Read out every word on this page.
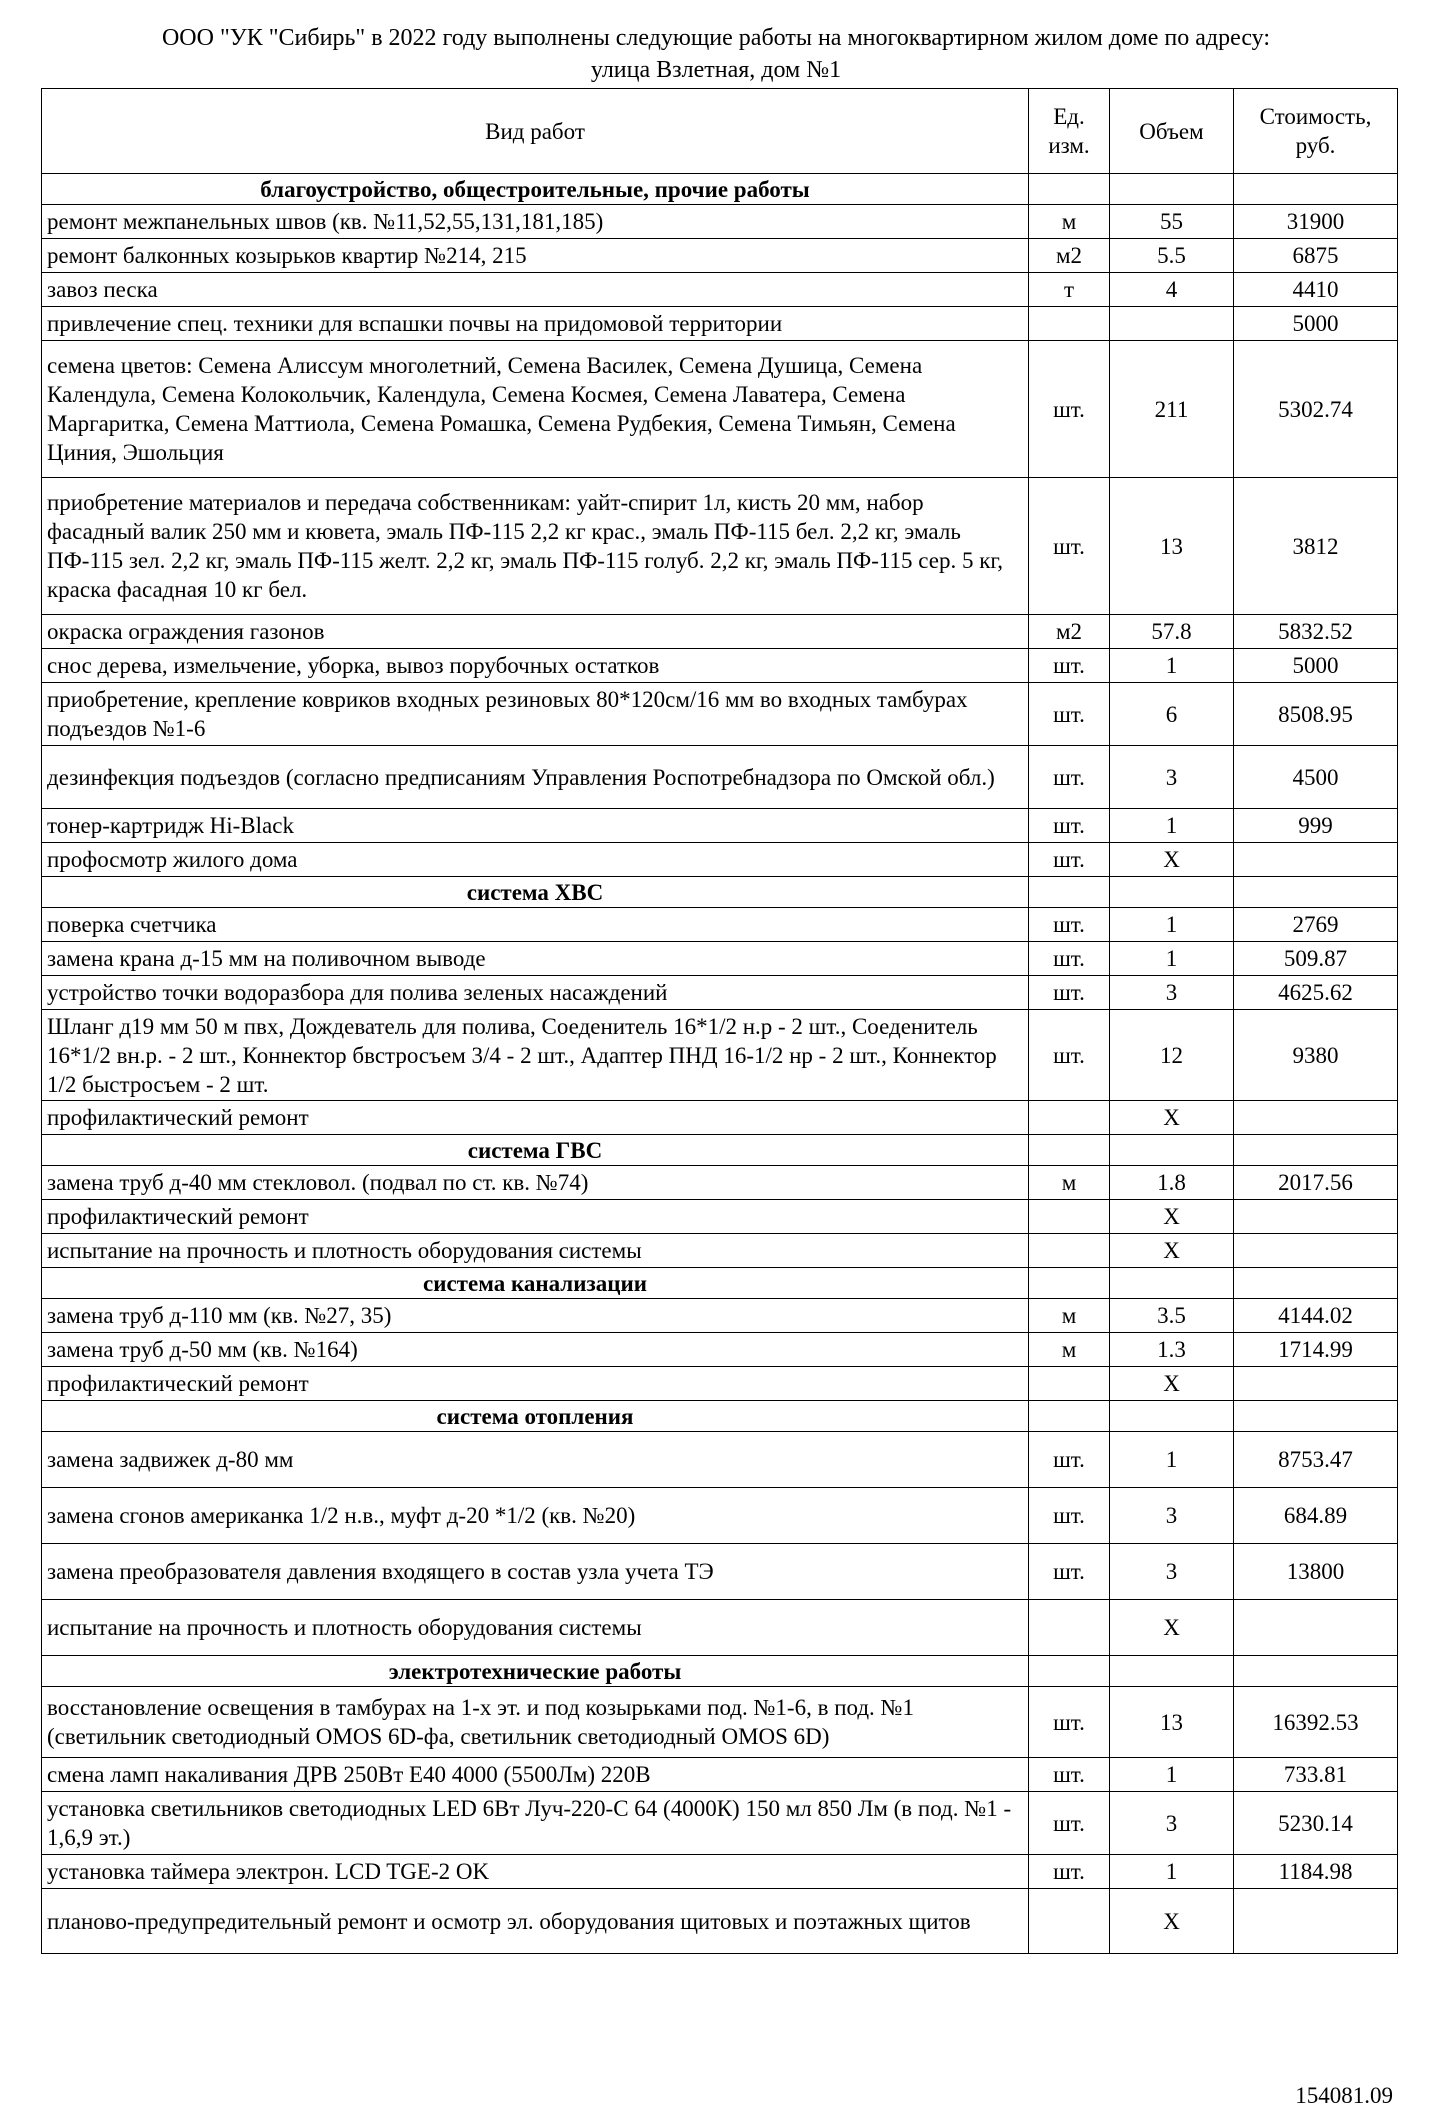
ООО "УК "Сибирь" в 2022 году выполнены следующие работы на многоквартирном жилом доме по адресу:
улица Взлетная, дом №1
Вид работ	Ед. изм.	Объем	Стоимость, руб.
благоустройство, общестроительные, прочие работы			
ремонт межпанельных швов (кв. №11,52,55,131,181,185)	м	55	31900
ремонт балконных козырьков квартир №214, 215	м2	5.5	6875
завоз песка	т	4	4410
привлечение спец. техники для вспашки почвы на придомовой территории			5000
семена цветов: Семена Алиссум многолетний, Семена Василек, Семена Душица, Семена Календула, Семена Колокольчик, Календула, Семена Космея, Семена Лаватера, Семена Маргаритка, Семена Маттиола, Семена Ромашка, Семена Рудбекия, Семена Тимьян, Семена Циния, Эшольция	шт.	211	5302.74
приобретение материалов и передача собственникам: уайт-спирит 1л, кисть 20 мм, набор фасадный валик 250 мм и кювета, эмаль ПФ-115 2,2 кг крас., эмаль ПФ-115 бел. 2,2 кг, эмаль ПФ-115 зел. 2,2 кг, эмаль ПФ-115 желт. 2,2 кг, эмаль ПФ-115 голуб. 2,2 кг, эмаль ПФ-115 сер. 5 кг, краска фасадная 10 кг бел.	шт.	13	3812
окраска ограждения газонов	м2	57.8	5832.52
снос дерева, измельчение, уборка, вывоз порубочных остатков	шт.	1	5000
приобретение, крепление ковриков входных резиновых 80*120см/16 мм во входных тамбурах подъездов №1-6	шт.	6	8508.95
дезинфекция подъездов (согласно предписаниям Управления Роспотребнадзора по Омской обл.)	шт.	3	4500
тонер-картридж Hi-Black	шт.	1	999
профосмотр жилого дома	шт.	Х	
система ХВС			
поверка счетчика	шт.	1	2769
замена крана д-15 мм на поливочном выводе	шт.	1	509.87
устройство точки водоразбора для полива зеленых насаждений	шт.	3	4625.62
Шланг д19 мм 50 м пвх, Дождеватель для полива, Соеденитель 16*1/2 н.р - 2 шт., Соеденитель 16*1/2 вн.р. - 2 шт., Коннектор бвстросъем 3/4 - 2 шт., Адаптер ПНД 16-1/2 нр - 2 шт., Коннектор 1/2 быстросъем - 2 шт.	шт.	12	9380
профилактический ремонт		Х	
система ГВС			
замена труб д-40 мм стекловол. (подвал по ст. кв. №74)	м	1.8	2017.56
профилактический ремонт		Х	
испытание на прочность и плотность оборудования системы		Х	
система канализации			
замена труб д-110 мм (кв. №27, 35)	м	3.5	4144.02
замена труб д-50 мм (кв. №164)	м	1.3	1714.99
профилактический ремонт		Х	
система отопления			
замена задвижек д-80 мм	шт.	1	8753.47
замена сгонов американка 1/2 н.в., муфт д-20 *1/2 (кв. №20)	шт.	3	684.89
замена преобразователя давления входящего в состав узла учета ТЭ	шт.	3	13800
испытание на прочность и плотность оборудования системы		Х	
электротехнические работы			
восстановление освещения в тамбурах на 1-х эт. и под козырьками под. №1-6, в под. №1 (светильник светодиодный OMOS 6D-фа, светильник светодиодный OMOS 6D)	шт.	13	16392.53
смена ламп накаливания ДРВ 250Вт Е40 4000 (5500Лм) 220В	шт.	1	733.81
установка светильников светодиодных LED 6Вт Луч-220-С 64 (4000К) 150 мл 850 Лм (в под. №1 - 1,6,9 эт.)	шт.	3	5230.14
установка таймера электрон. LCD TGE-2 OK	шт.	1	1184.98
планово-предупредительный ремонт и осмотр эл. оборудования щитовых и поэтажных щитов		Х	
154081.09
